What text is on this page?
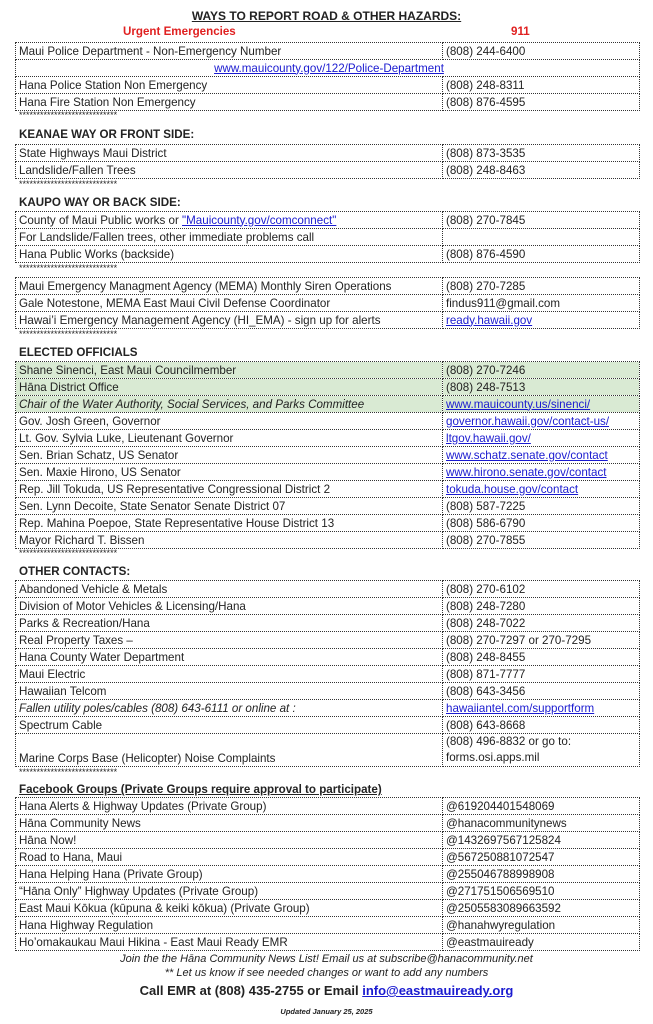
WAYS TO REPORT ROAD & OTHER HAZARDS:
Urgent Emergencies	911
Maui Police Department - Non-Emergency Number	(808) 244-6400
www.mauicounty.gov/122/Police-Department	
Hana Police Station Non Emergency	(808) 248-8311
Hana Fire Station Non Emergency	(808) 876-4595
****************************
KEANAE WAY OR FRONT SIDE:
State Highways Maui District	(808) 873-3535
Landslide/Fallen Trees	(808) 248-8463
****************************
KAUPO WAY OR BACK SIDE:
County of Maui Public works or "Mauicounty.gov/comconnect"	(808) 270-7845
For Landslide/Fallen trees, other immediate problems call	
Hana Public Works (backside)	(808) 876-4590
****************************
Maui Emergency Managment Agency (MEMA) Monthly Siren Operations	(808) 270-7285
Gale Notestone, MEMA East Maui Civil Defense Coordinator	findus911@gmail.com
Hawai’i Emergency Management Agency (HI_EMA) - sign up for alerts	ready.hawaii.gov
****************************
ELECTED OFFICIALS
Shane Sinenci, East Maui Councilmember	(808) 270-7246
Hāna District Office	(808) 248-7513
Chair of the Water Authority, Social Services, and Parks Committee	www.mauicounty.us/sinenci/
Gov. Josh Green, Governor	governor.hawaii.gov/contact-us/
Lt. Gov. Sylvia Luke, Lieutenant Governor	ltgov.hawaii.gov/
Sen. Brian Schatz, US Senator	www.schatz.senate.gov/contact
Sen. Maxie Hirono, US Senator	www.hirono.senate.gov/contact
Rep. Jill Tokuda, US Representative Congressional District 2	tokuda.house.gov/contact
Sen. Lynn Decoite, State Senator Senate District 07	(808) 587-7225
Rep. Mahina Poepoe, State Representative House District 13	(808) 586-6790
Mayor Richard T. Bissen	(808) 270-7855
****************************
OTHER CONTACTS:
Abandoned Vehicle & Metals	(808) 270-6102
Division of Motor Vehicles & Licensing/Hana	(808) 248-7280
Parks & Recreation/Hana	(808) 248-7022
Real Property Taxes –	(808) 270-7297 or 270-7295
Hana County Water Department	(808) 248-8455
Maui Electric	(808) 871-7777
Hawaiian Telcom	(808) 643-3456
Fallen utility poles/cables (808) 643-6111 or online at :	hawaiiantel.com/supportform
Spectrum Cable	(808) 643-8668
Marine Corps Base (Helicopter) Noise Complaints	(808) 496-8832 or go to:
forms.osi.apps.mil
****************************
Facebook Groups (Private Groups require approval to participate)
Hana Alerts & Highway Updates (Private Group)	@619204401548069
Hāna Community News	@hanacommunitynews
Hāna Now!	@1432697567125824
Road to Hana, Maui	@567250881072547
Hana Helping Hana (Private Group)	@255046788998908
“Hāna Only” Highway Updates (Private Group)	@271751506569510
East Maui Kōkua (kūpuna & keiki kōkua) (Private Group)	@2505583089663592
Hana Highway Regulation	@hanahwyregulation
Ho’omakaukau Maui Hikina - East Maui Ready EMR	@eastmauiready
Join the the Hāna Community News List! Email us at subscribe@hanacommunity.net
** Let us know if see needed changes or want to add any numbers
Call EMR at (808) 435-2755 or Email info@eastmauiready.org
Updated January 25, 2025
